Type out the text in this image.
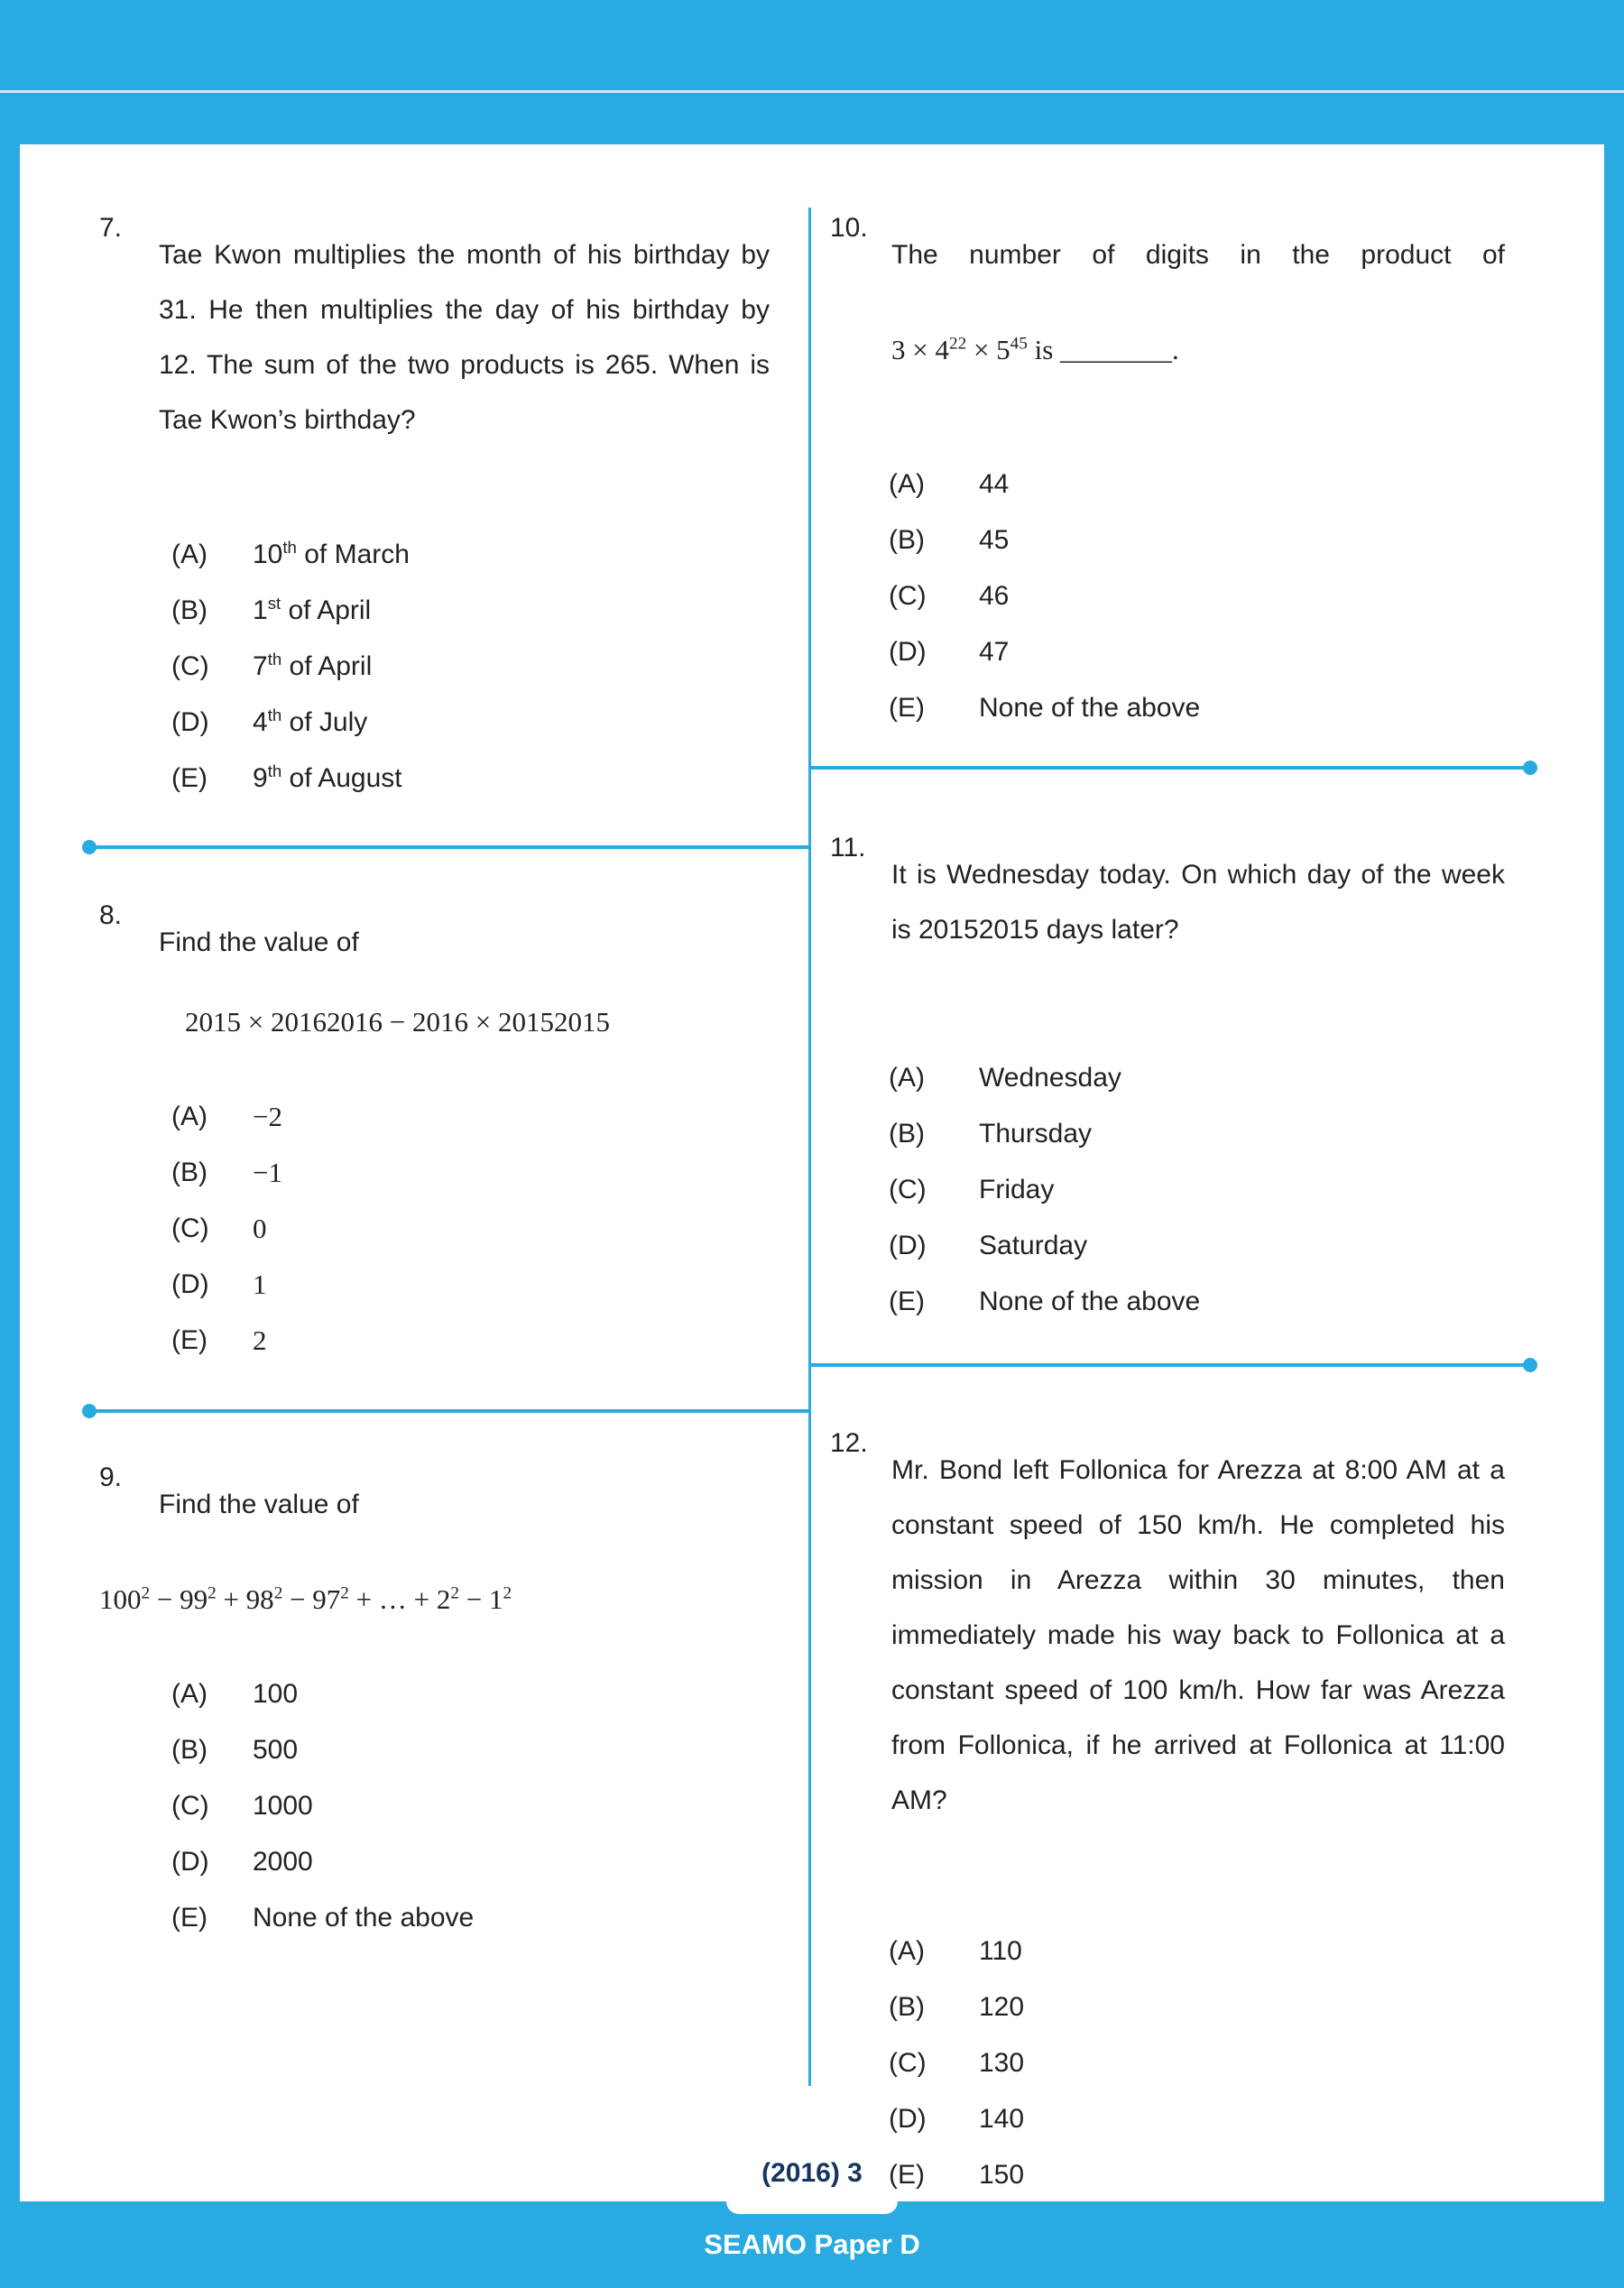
7.

Tae Kwon multiplies the month of his birthday by 31. He then multiplies the day of his birthday by 12. The sum of the two products is 265. When is Tae Kwon’s birthday?

(A)	10th of March
(B)	1st of April
(C)	7th of April
(D)	4th of July
(E)	9th of August
8.

Find the value of

2015 × 20162016 − 2016 × 20152015
(A)	−2
(B)	−1
(C)	0
(D)	1
(E)	2
9.

Find the value of

$100^2 - 99^2 + 98^2 - 97^2$ + … + $2^2 - 1^2$
(A)	100
(B)	500
(C)	1000
(D)	2000
(E)	None of the above
10.

The number of digits in the product of

$3 \times 4^{22} \times 5^{45}$ is ________.
(A)	44
(B)	45
(C)	46
(D)	47
(E)	None of the above
11.

It is Wednesday today. On which day of the week is 20152015 days later?

(A)	Wednesday
(B)	Thursday
(C)	Friday
(D)	Saturday
(E)	None of the above
12.

Mr. Bond left Follonica for Arezza at 8:00 AM at a constant speed of 150 km/h. He completed his mission in Arezza within 30 minutes, then immediately made his way back to Follonica at a constant speed of 100 km/h. How far was Arezza from Follonica, if he arrived at Follonica at 11:00 AM?

(A)	110
(B)	120
(C)	130
(D)	140
(E)	150
(2016) 3
SEAMO Paper D
